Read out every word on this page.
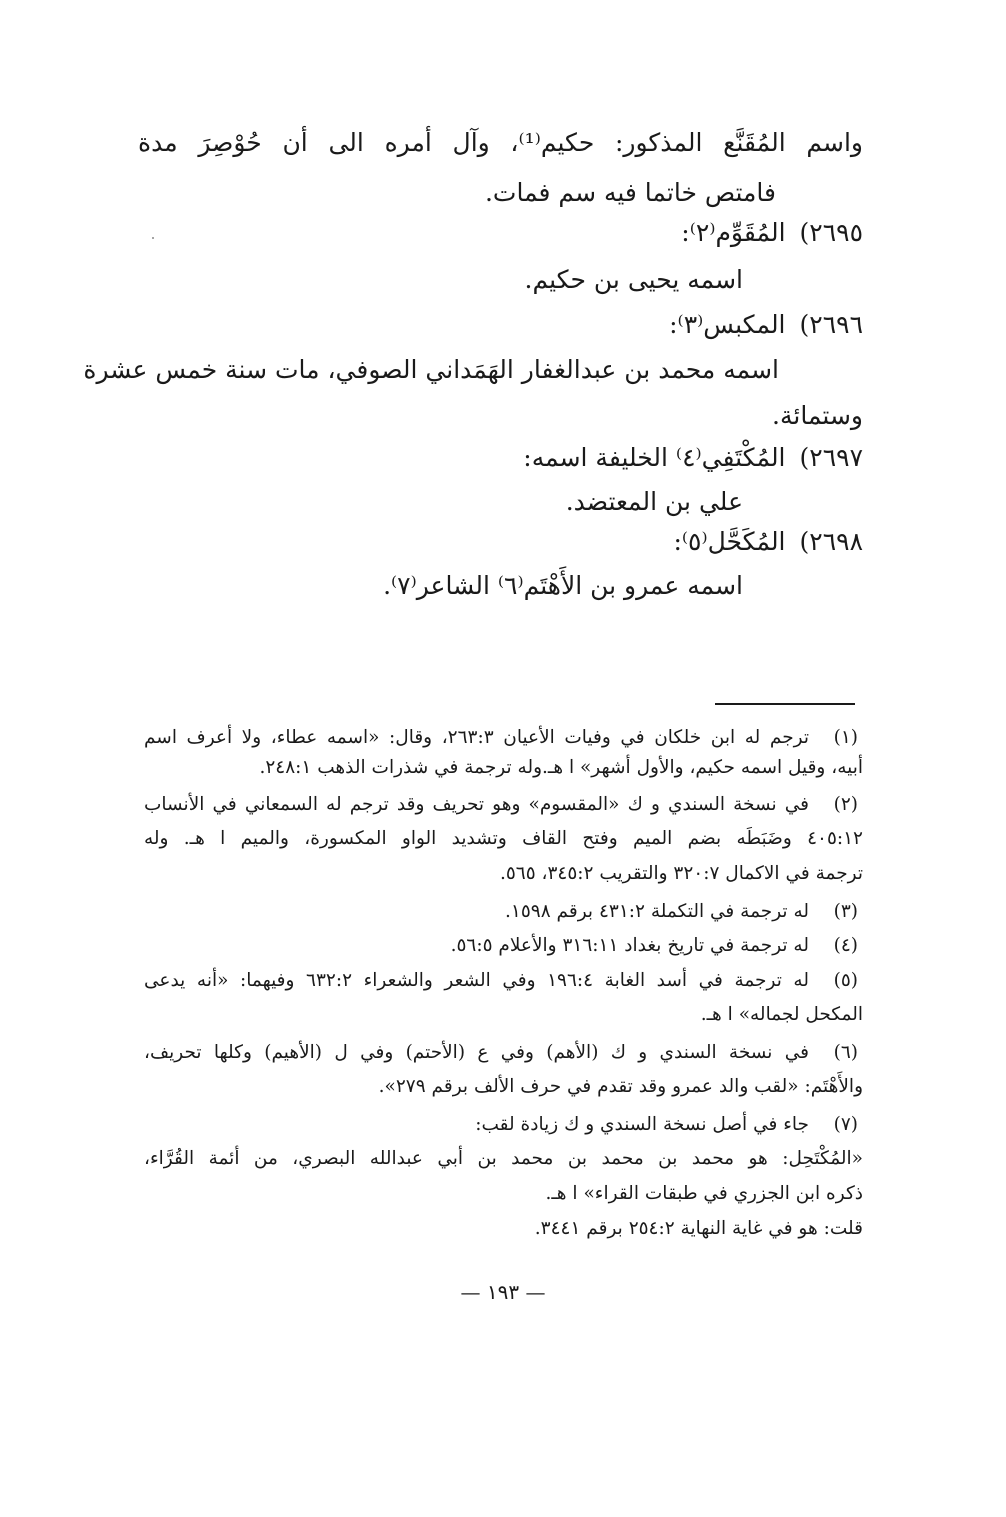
واسم المُقَنَّع المذكور: حكيم⁽¹⁾، وآل أمره الى أن حُوْصِرَ مدة
فامتص خاتما فيه سم فمات.
٢٦٩٥)المُقَوِّم⁽٢⁾:
اسمه يحيى بن حكيم.
٢٦٩٦)المكبس⁽٣⁾:
اسمه محمد بن عبدالغفار الهَمَداني الصوفي، مات سنة خمس عشرة
وستمائة.
٢٦٩٧)المُكْتَفِي⁽٤⁾ الخليفة اسمه:
علي بن المعتضد.
٢٦٩٨)المُكَحَّل⁽٥⁾:
اسمه عمرو بن الأَهْتَم⁽٦⁾ الشاعر⁽٧⁾.
(١)
ترجم له ابن خلكان في وفيات الأعيان ٢٦٣:٣، وقال: «اسمه عطاء، ولا أعرف اسم
أبيه، وقيل اسمه حكيم، والأول أشهر» ا هـ.وله ترجمة في شذرات الذهب ٢٤٨:١.
(٢)
في نسخة السندي و ك «المقسوم» وهو تحريف وقد ترجم له السمعاني في الأنساب
٤٠٥:١٢ وضَبَطَه بضم الميم وفتح القاف وتشديد الواو المكسورة، والميم ا هـ. وله
ترجمة في الاكمال ٣٢٠:٧ والتقريب ٣٤٥:٢، ٥٦٥.
(٣)
له ترجمة في التكملة ٤٣١:٢ برقم ١٥٩٨.
(٤)
له ترجمة في تاريخ بغداد ٣١٦:١١ والأعلام ٥٦:٥.
(٥)
له ترجمة في أسد الغابة ١٩٦:٤ وفي الشعر والشعراء ٦٣٢:٢ وفيهما: «أنه يدعى
المكحل لجماله» ا هـ.
(٦)
في نسخة السندي و ك (الأهم) وفي ع (الأحتم) وفي ل (الأهيم) وكلها تحريف،
والأَهْتَم: «لقب والد عمرو وقد تقدم في حرف الألف برقم ٢٧٩».
(٧)
جاء في أصل نسخة السندي و ك زيادة لقب:
«المُكْتَحِل: هو محمد بن محمد بن محمد بن أبي عبدالله البصري، من أئمة القُرَّاء،
ذكره ابن الجزري في طبقات القراء» ا هـ.
قلت: هو في غاية النهاية ٢٥٤:٢ برقم ٣٤٤١.
— ١٩٣ —
